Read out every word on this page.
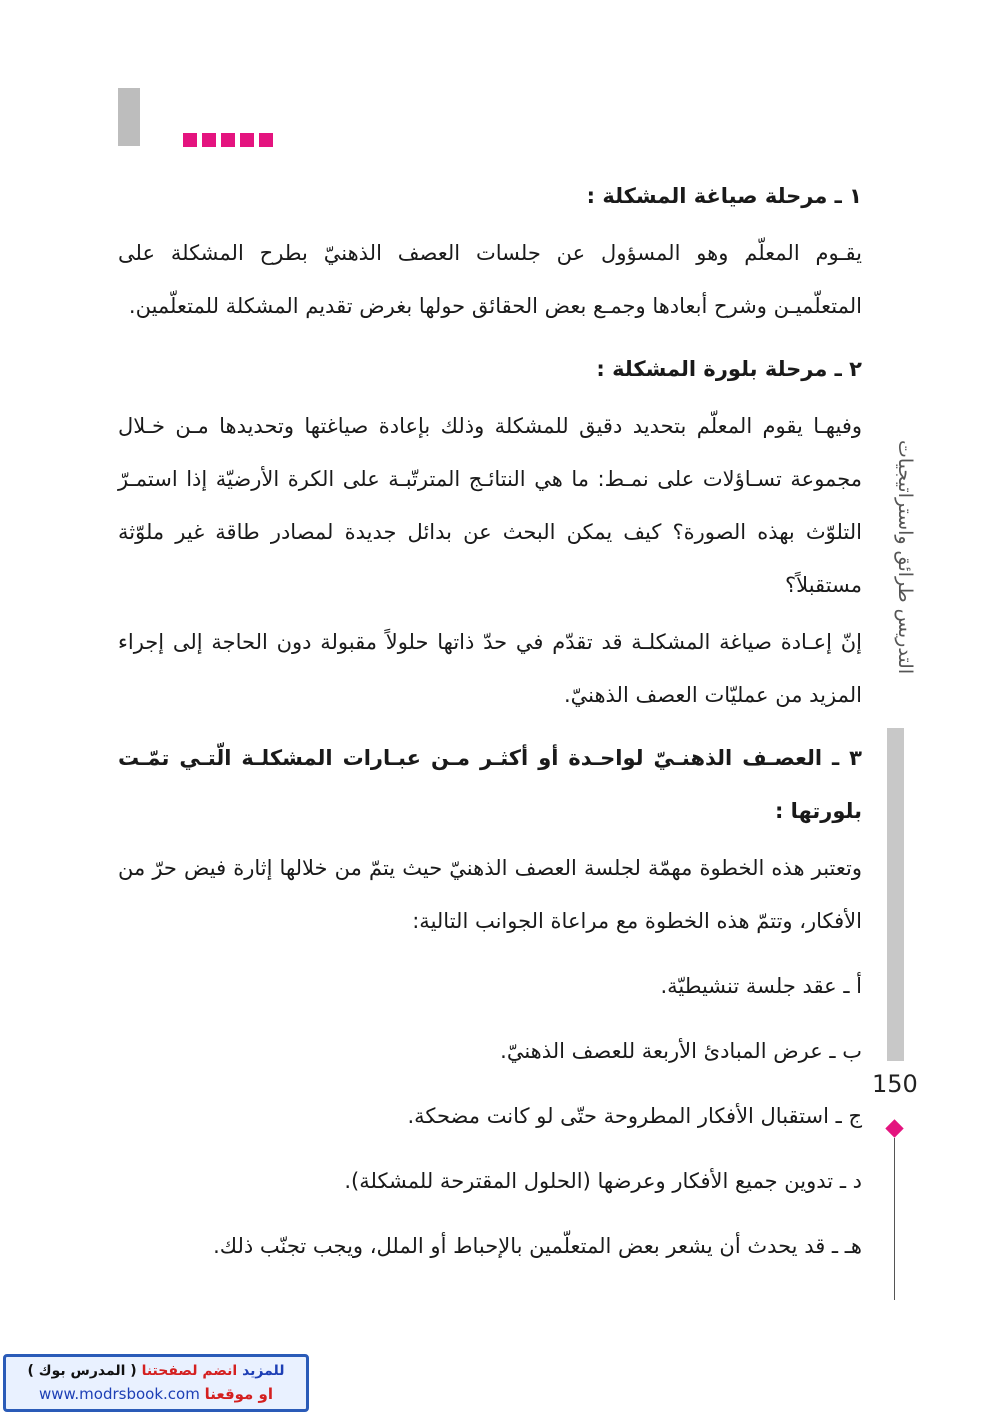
١ ـ مرحلة صياغة المشكلة :

يقـوم المعلّم وهو المسؤول عن جلسات العصف الذهنيّ بطرح المشكلة على المتعلّميـن وشرح أبعادها وجمـع بعض الحقائق حولها بغرض تقديم المشكلة للمتعلّمين.

٢ ـ مرحلة بلورة المشكلة :

وفيهـا يقوم المعلّم بتحديد دقيق للمشكلة وذلك بإعادة صياغتها وتحديدها مـن خـلال مجموعة تسـاؤلات على نمـط: ما هي النتائـج المترتّبـة على الكرة الأرضيّة إذا استمـرّ التلوّث بهذه الصورة؟ كيف يمكن البحث عن بدائل جديدة لمصادر طاقة غير ملوّثة مستقبلاً؟

إنّ إعـادة صياغة المشكلـة قد تقدّم في حدّ ذاتها حلولاً مقبولة دون الحاجة إلى إجراء المزيد من عمليّات العصف الذهنيّ.

٣ ـ العصـف الذهنـيّ لواحـدة أو أكثـر مـن عبـارات المشكلـة الّتـي تمّـت بلورتها :

وتعتبر هذه الخطوة مهمّة لجلسة العصف الذهنيّ حيث يتمّ من خلالها إثارة فيض حرّ من الأفكار، وتتمّ هذه الخطوة مع مراعاة الجوانب التالية:

أ ـ عقد جلسة تنشيطيّة.

ب ـ عرض المبادئ الأربعة للعصف الذهنيّ.

ج ـ استقبال الأفكار المطروحة حتّى لو كانت مضحكة.

د ـ تدوين جميع الأفكار وعرضها (الحلول المقترحة للمشكلة).

هـ ـ قد يحدث أن يشعر بعض المتعلّمين بالإحباط أو الملل، ويجب تجنّب ذلك.

التدريس طرائق واستراتيجيات
150
للمزيد انضم لصفحتنا ( المدرس بوك )
www.modrsbook.com او موقعنا
